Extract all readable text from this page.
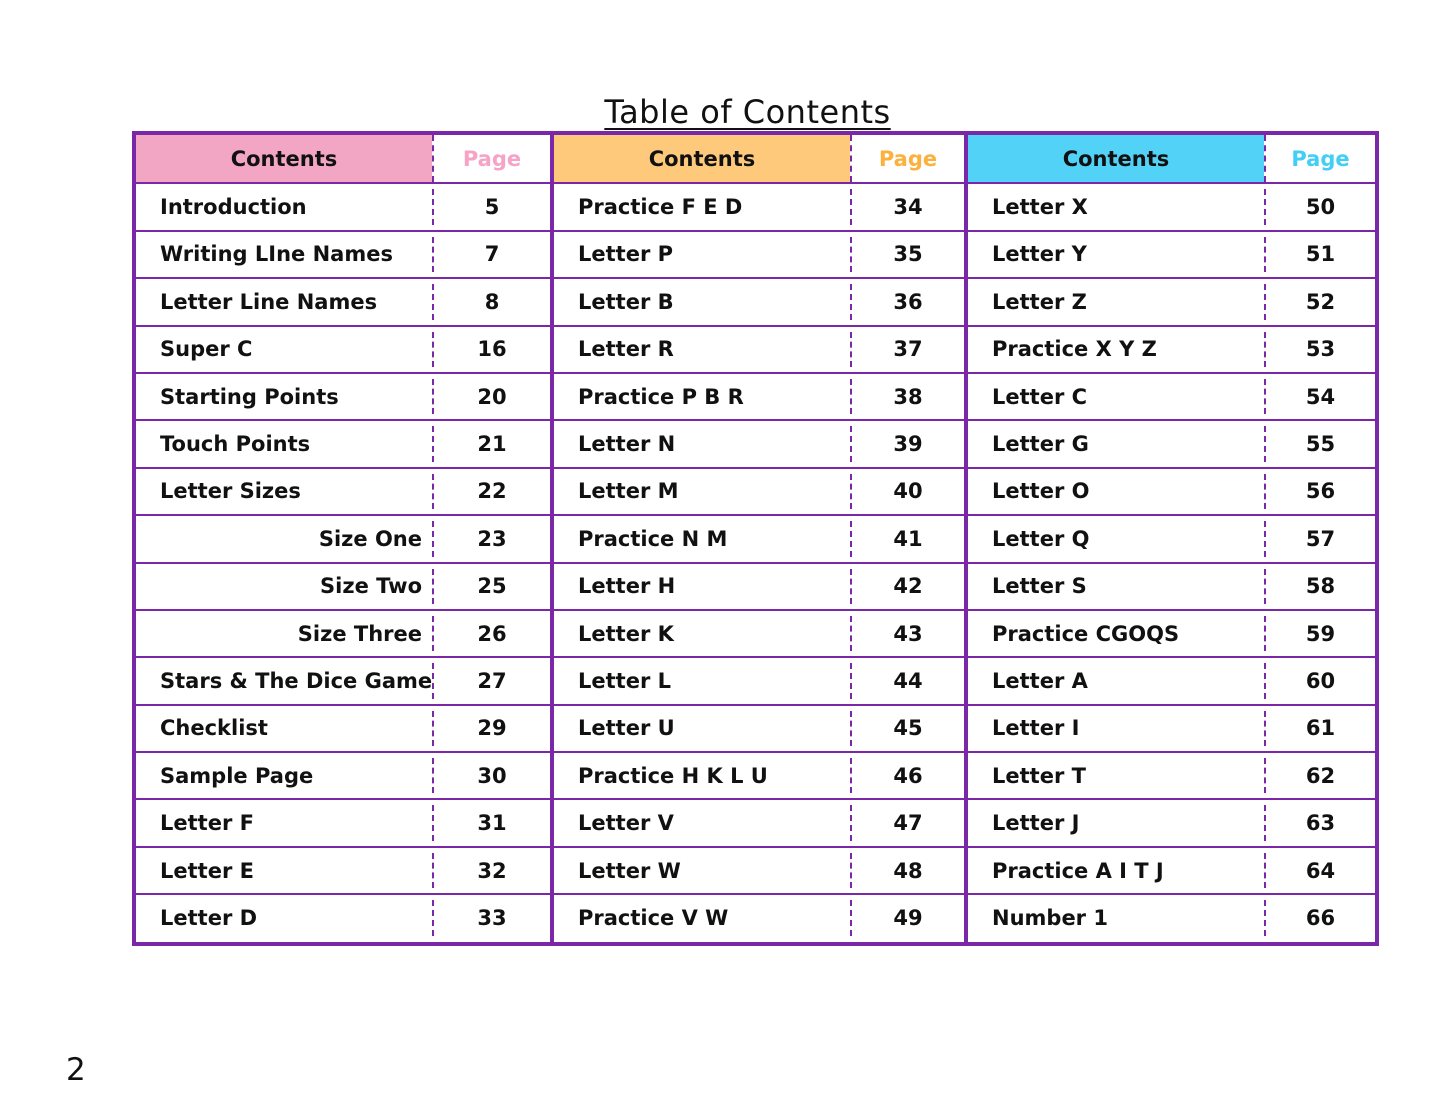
Table of Contents
Contents	Page
Introduction	5
Writing LIne Names	7
Letter Line Names	8
Super C	16
Starting Points	20
Touch Points	21
Letter Sizes	22
Size One	23
Size Two	25
Size Three	26
Stars & The Dice Game	27
Checklist	29
Sample Page	30
Letter F	31
Letter E	32
Letter D	33
Contents	Page
Practice F E D	34
Letter P	35
Letter B	36
Letter R	37
Practice P B R	38
Letter N	39
Letter M	40
Practice N M	41
Letter H	42
Letter K	43
Letter L	44
Letter U	45
Practice H K L U	46
Letter V	47
Letter W	48
Practice V W	49
Contents	Page
Letter X	50
Letter Y	51
Letter Z	52
Practice X Y Z	53
Letter C	54
Letter G	55
Letter O	56
Letter Q	57
Letter S	58
Practice CGOQS	59
Letter A	60
Letter I	61
Letter T	62
Letter J	63
Practice A I T J	64
Number 1	66
2
